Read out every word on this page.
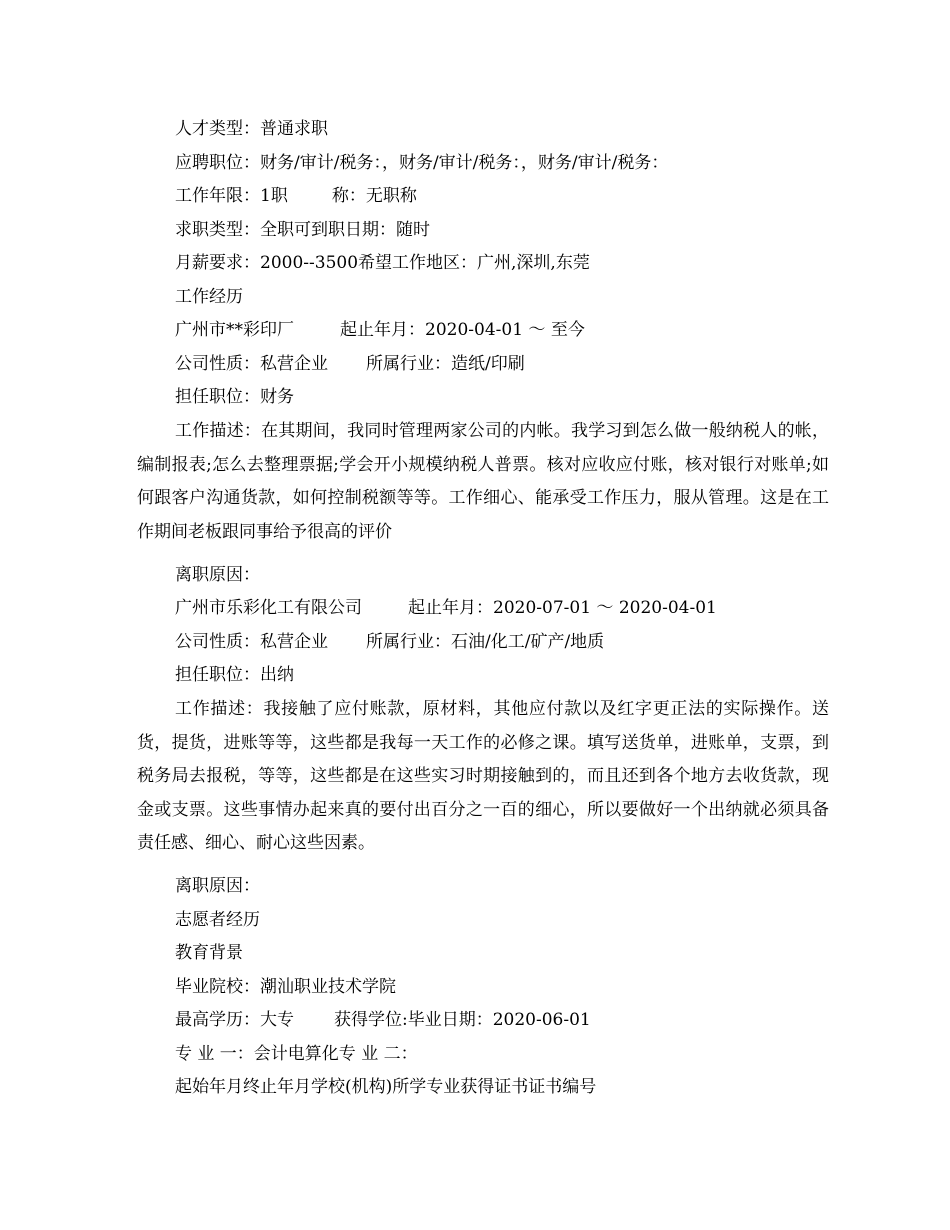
人才类型：普通求职
应聘职位：财务/审计/税务：，财务/审计/税务：，财务/审计/税务：
工作年限：1职	称：无职称
求职类型：全职可到职日期：随时
月薪要求：2000--3500希望工作地区：广州,深圳,东莞
工作经历
广州市**彩印厂	起止年月：2020-04-01 ～ 至今
公司性质：私营企业 所属行业：造纸/印刷
担任职位：财务
工作描述：在其期间，我同时管理两家公司的内帐。我学习到怎么做一般纳税人的帐，编制报表;怎么去整理票据;学会开小规模纳税人普票。核对应收应付账，核对银行对账单;如何跟客户沟通货款，如何控制税额等等。工作细心、能承受工作压力，服从管理。这是在工作期间老板跟同事给予很高的评价
离职原因：
广州市乐彩化工有限公司	起止年月：2020-07-01 ～ 2020-04-01
公司性质：私营企业 所属行业：石油/化工/矿产/地质
担任职位：出纳
工作描述：我接触了应付账款，原材料，其他应付款以及红字更正法的实际操作。送货，提货，进账等等，这些都是我每一天工作的必修之课。填写送货单，进账单，支票，到税务局去报税，等等，这些都是在这些实习时期接触到的，而且还到各个地方去收货款，现金或支票。这些事情办起来真的要付出百分之一百的细心，所以要做好一个出纳就必须具备责任感、细心、耐心这些因素。
离职原因：
志愿者经历
教育背景
毕业院校：潮汕职业技术学院
最高学历：大专 获得学位:毕业日期：2020-06-01
专 业 一：会计电算化专 业 二：
起始年月终止年月学校(机构)所学专业获得证书证书编号
